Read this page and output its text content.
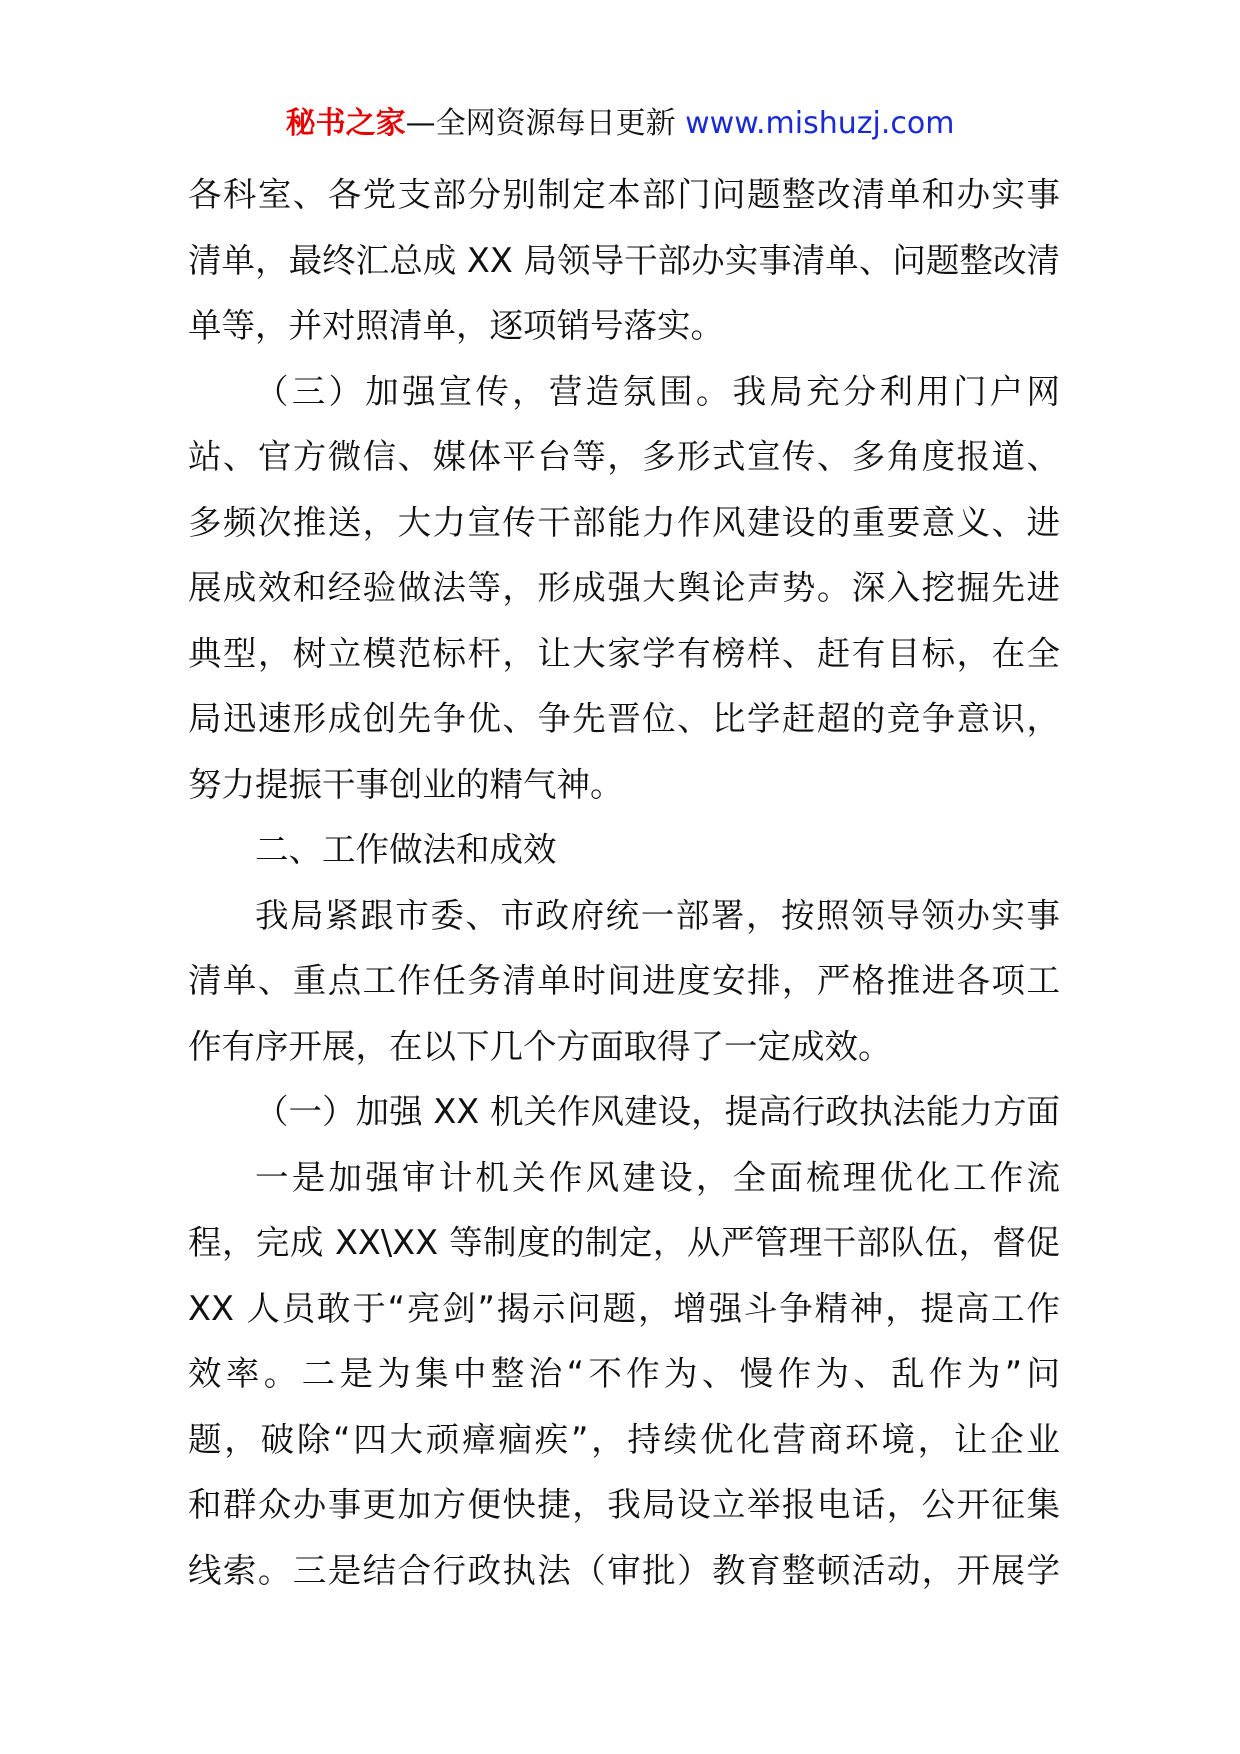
秘书之家—全网资源每日更新 www.mishuzj.com
各科室、各党支部分别制定本部门问题整改清单和办实事
清单，最终汇总成 XX 局领导干部办实事清单、问题整改清
单等，并对照清单，逐项销号落实。
（三）加强宣传，营造氛围。我局充分利用门户网
站、官方微信、媒体平台等，多形式宣传、多角度报道、
多频次推送，大力宣传干部能力作风建设的重要意义、进
展成效和经验做法等，形成强大舆论声势。深入挖掘先进
典型，树立模范标杆，让大家学有榜样、赶有目标，在全
局迅速形成创先争优、争先晋位、比学赶超的竞争意识，
努力提振干事创业的精气神。
二、工作做法和成效
我局紧跟市委、市政府统一部署，按照领导领办实事
清单、重点工作任务清单时间进度安排，严格推进各项工
作有序开展，在以下几个方面取得了一定成效。
（一）加强 XX 机关作风建设，提高行政执法能力方面
一是加强审计机关作风建设，全面梳理优化工作流
程，完成 XX\XX 等制度的制定，从严管理干部队伍，督促
XX 人员敢于“亮剑”揭示问题，增强斗争精神，提高工作
效率。二是为集中整治“不作为、慢作为、乱作为”问
题，破除“四大顽瘴痼疾”，持续优化营商环境，让企业
和群众办事更加方便快捷，我局设立举报电话，公开征集
线索。三是结合行政执法（审批）教育整顿活动，开展学
